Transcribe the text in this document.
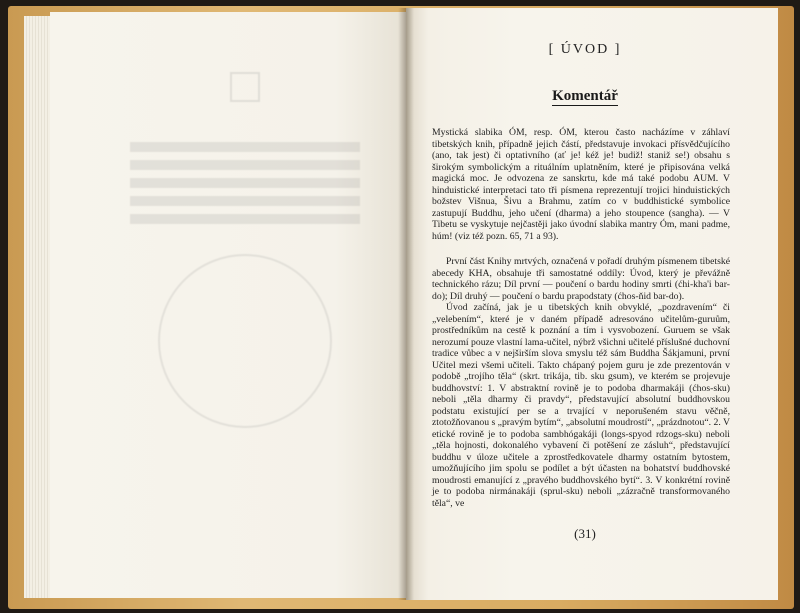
[ ÚVOD ]
Komentář

Mystická slabika ÓM, resp. ÓM, kterou často nacházíme v záhlaví tibetských knih, případně jejich částí, představuje invokaci přísvědčujícího (ano, tak jest) či optativního (ať je! kéž je! budiž! staniž se!) obsahu s širokým symbolickým a rituálním uplatněním, které je připisována velká magická moc. Je odvozena ze sanskrtu, kde má také podobu AUM. V hinduistické interpretaci tato tři písmena reprezentují trojici hinduistických božstev Višnua, Šivu a Brahmu, zatím co v buddhistické symbolice zastupují Buddhu, jeho učení (dharma) a jeho stoupence (sangha). — V Tibetu se vyskytuje nejčastěji jako úvodní slabika mantry Óm, mani padme, húm! (viz též pozn. 65, 71 a 93).

První část Knihy mrtvých, označená v pořadí druhým písmenem tibetské abecedy KHA, obsahuje tři samostatné oddíly: Úvod, který je převážně technického rázu; Díl první — poučení o bardu hodiny smrti (ćhi-kha'i bar-do); Díl druhý — poučení o bardu prapodstaty (ćhos-ňid bar-do).

Úvod začíná, jak je u tibetských knih obvyklé, „pozdravením“ či „velebením“, které je v daném případě adresováno učitelům-guruům, prostředníkům na cestě k poznání a tím i vysvobození. Guruem se však nerozumí pouze vlastní lama-učitel, nýbrž všichni učitelé příslušné duchovní tradice vůbec a v nejširším slova smyslu též sám Buddha Šákjamuni, první Učitel mezi všemi učiteli. Takto chápaný pojem guru je zde prezentován v podobě „trojího těla“ (skrt. trikája, tib. sku gsum), ve kterém se projevuje buddhovství: 1. V abstraktní rovině je to podoba dharmakáji (ćhos-sku) neboli „těla dharmy či pravdy“, představující absolutní buddhovskou podstatu existující per se a trvající v neporušeném stavu věčně, ztotožňovanou s „pravým bytím“, „absolutní moudrostí“, „prázdnotou“. 2. V etické rovině je to podoba sambhógakáji (longs-spyod rdzogs-sku) neboli „těla hojnosti, dokonalého vybavení či potěšení ze zásluh“, představující buddhu v úloze učitele a zprostředkovatele dharmy ostatním bytostem, umožňujícího jim spolu se podílet a být účasten na bohatství buddhovské moudrosti emanující z „pravého buddhovského bytí“. 3. V konkrétní rovině je to podoba nirmánakáji (sprul-sku) neboli „zázračně transformovaného těla“, ve

(31)
